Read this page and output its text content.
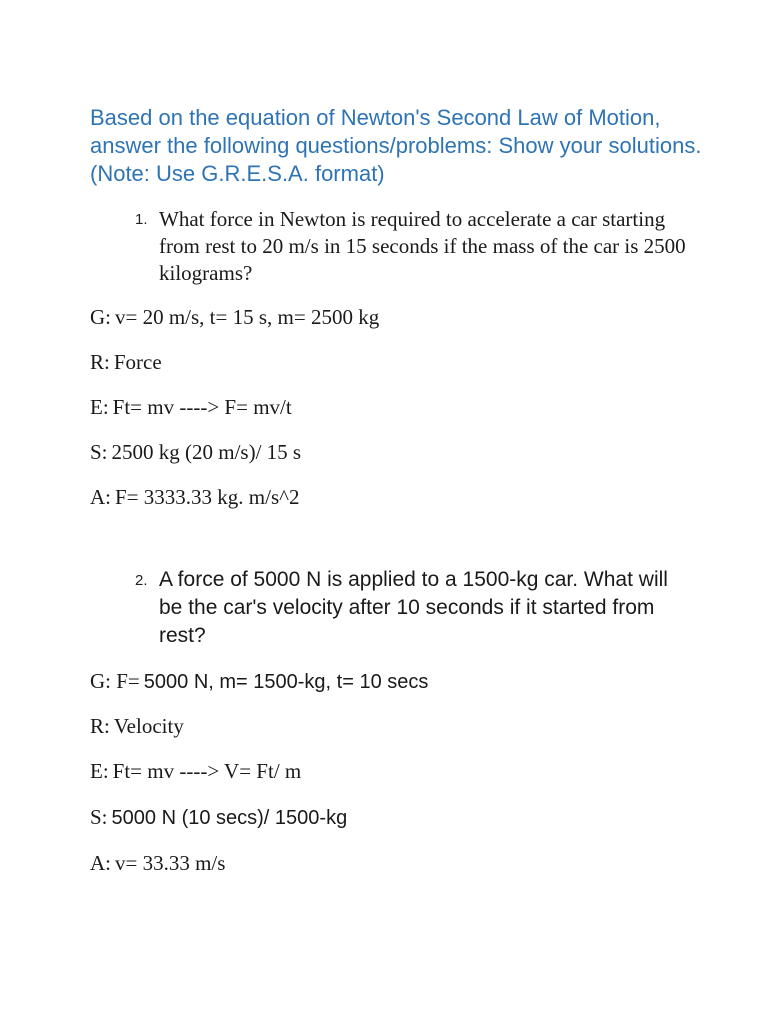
Based on the equation of Newton's Second Law of Motion, answer the following questions/problems: Show your solutions. (Note: Use G.R.E.S.A. format)

1. What force in Newton is required to accelerate a car starting from rest to 20 m/s in 15 seconds if the mass of the car is 2500 kilograms?

G: v= 20 m/s, t= 15 s, m= 2500 kg

R: Force

E: Ft= mv ----> F= mv/t

S: 2500 kg (20 m/s)/ 15 s

A: F= 3333.33 kg. m/s^2

2. A force of 5000 N is applied to a 1500-kg car. What will be the car's velocity after 10 seconds if it started from rest?

G: F= 5000 N, m= 1500-kg, t= 10 secs

R: Velocity

E: Ft= mv ----> V= Ft/ m

S: 5000 N (10 secs)/ 1500-kg

A: v= 33.33 m/s
